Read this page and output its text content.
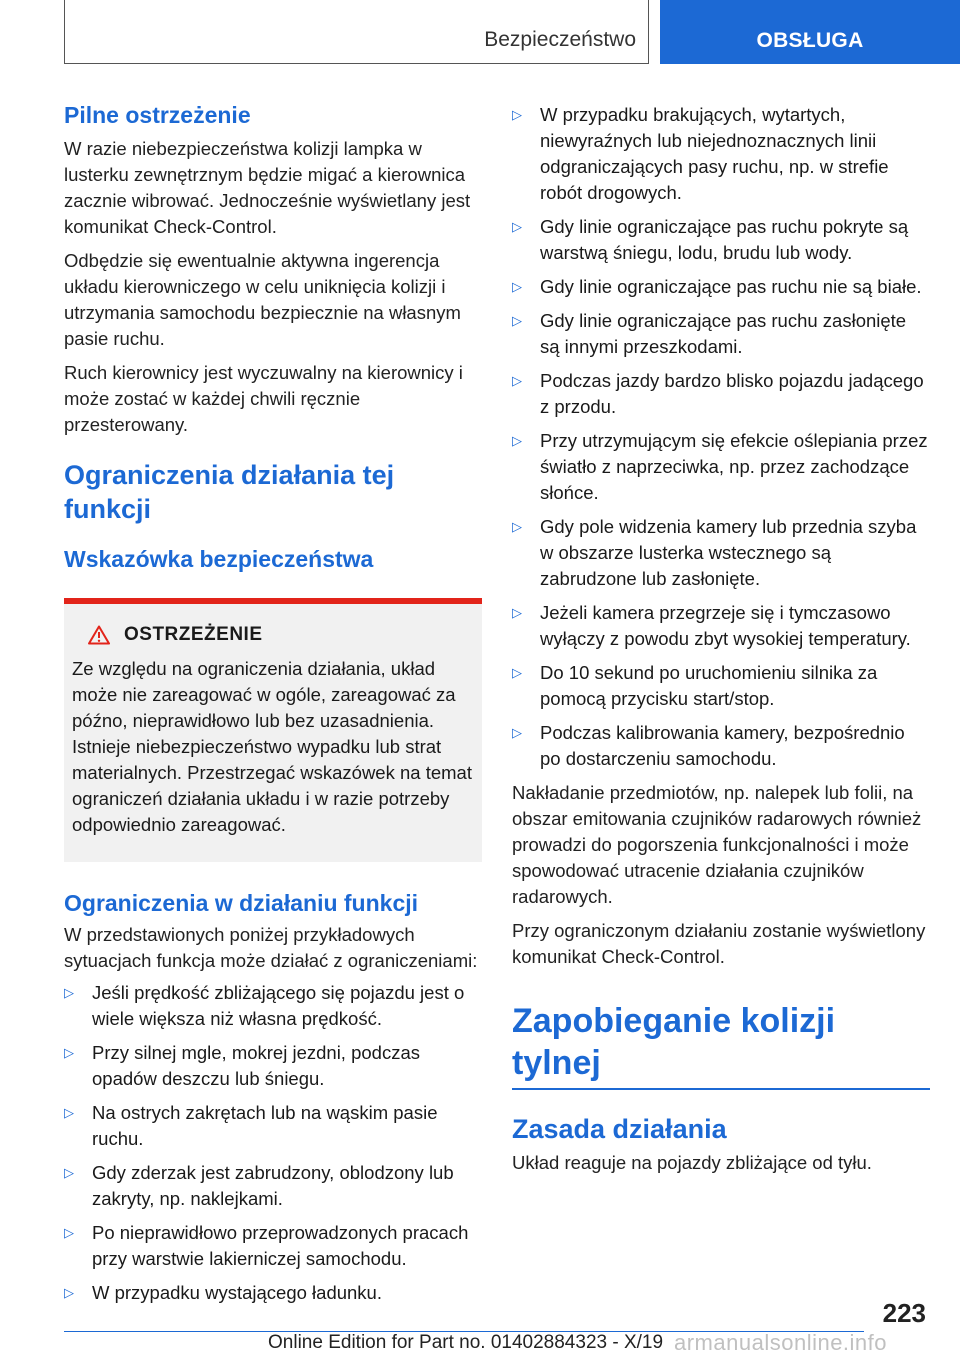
Bezpieczeństwo	OBSŁUGA
Pilne ostrzeżenie

W razie niebezpieczeństwa kolizji lampka w lusterku zewnętrznym będzie migać a kierownica zacznie wibrować. Jednocześnie wyświetlany jest komunikat Check-Control.

Odbędzie się ewentualnie aktywna ingerencja układu kierowniczego w celu uniknięcia kolizji i utrzymania samochodu bezpiecznie na własnym pasie ruchu.

Ruch kierownicy jest wyczuwalny na kierownicy i może zostać w każdej chwili ręcznie przesterowany.

Ograniczenia działania tej funkcji
Wskazówka bezpieczeństwa
OSTRZEŻENIE

Ze względu na ograniczenia działania, układ może nie zareagować w ogóle, zareagować za późno, nieprawidłowo lub bez uzasadnienia. Istnieje niebezpieczeństwo wypadku lub strat materialnych. Przestrzegać wskazówek na temat ograniczeń działania układu i w razie potrzeby odpowiednio zareagować.

Ograniczenia w działaniu funkcji

W przedstawionych poniżej przykładowych sytuacjach funkcja może działać z ograniczeniami:

▷ Jeśli prędkość zbliżającego się pojazdu jest o wiele większa niż własna prędkość.
▷ Przy silnej mgle, mokrej jezdni, podczas opadów deszczu lub śniegu.
▷ Na ostrych zakrętach lub na wąskim pasie ruchu.
▷ Gdy zderzak jest zabrudzony, oblodzony lub zakryty, np. naklejkami.
▷ Po nieprawidłowo przeprowadzonych pracach przy warstwie lakierniczej samochodu.
▷ W przypadku wystającego ładunku.
▷ W przypadku brakujących, wytartych, niewyraźnych lub niejednoznacznych linii odgraniczających pasy ruchu, np. w strefie robót drogowych.
▷ Gdy linie ograniczające pas ruchu pokryte są warstwą śniegu, lodu, brudu lub wody.
▷ Gdy linie ograniczające pas ruchu nie są białe.
▷ Gdy linie ograniczające pas ruchu zasłonięte są innymi przeszkodami.
▷ Podczas jazdy bardzo blisko pojazdu jadącego z przodu.
▷ Przy utrzymującym się efekcie oślepiania przez światło z naprzeciwka, np. przez zachodzące słońce.
▷ Gdy pole widzenia kamery lub przednia szyba w obszarze lusterka wstecznego są zabrudzone lub zasłonięte.
▷ Jeżeli kamera przegrzeje się i tymczasowo wyłączy z powodu zbyt wysokiej temperatury.
▷ Do 10 sekund po uruchomieniu silnika za pomocą przycisku start/stop.
▷ Podczas kalibrowania kamery, bezpośrednio po dostarczeniu samochodu.

Nakładanie przedmiotów, np. nalepek lub folii, na obszar emitowania czujników radarowych również prowadzi do pogorszenia funkcjonalności i może spowodować utracenie działania czujników radarowych.

Przy ograniczonym działaniu zostanie wyświetlony komunikat Check-Control.

Zapobieganie kolizji tylnej
Zasada działania

Układ reaguje na pojazdy zbliżające od tyłu.

223
Online Edition for Part no. 01402884323 - X/19 armanualsonline.info
